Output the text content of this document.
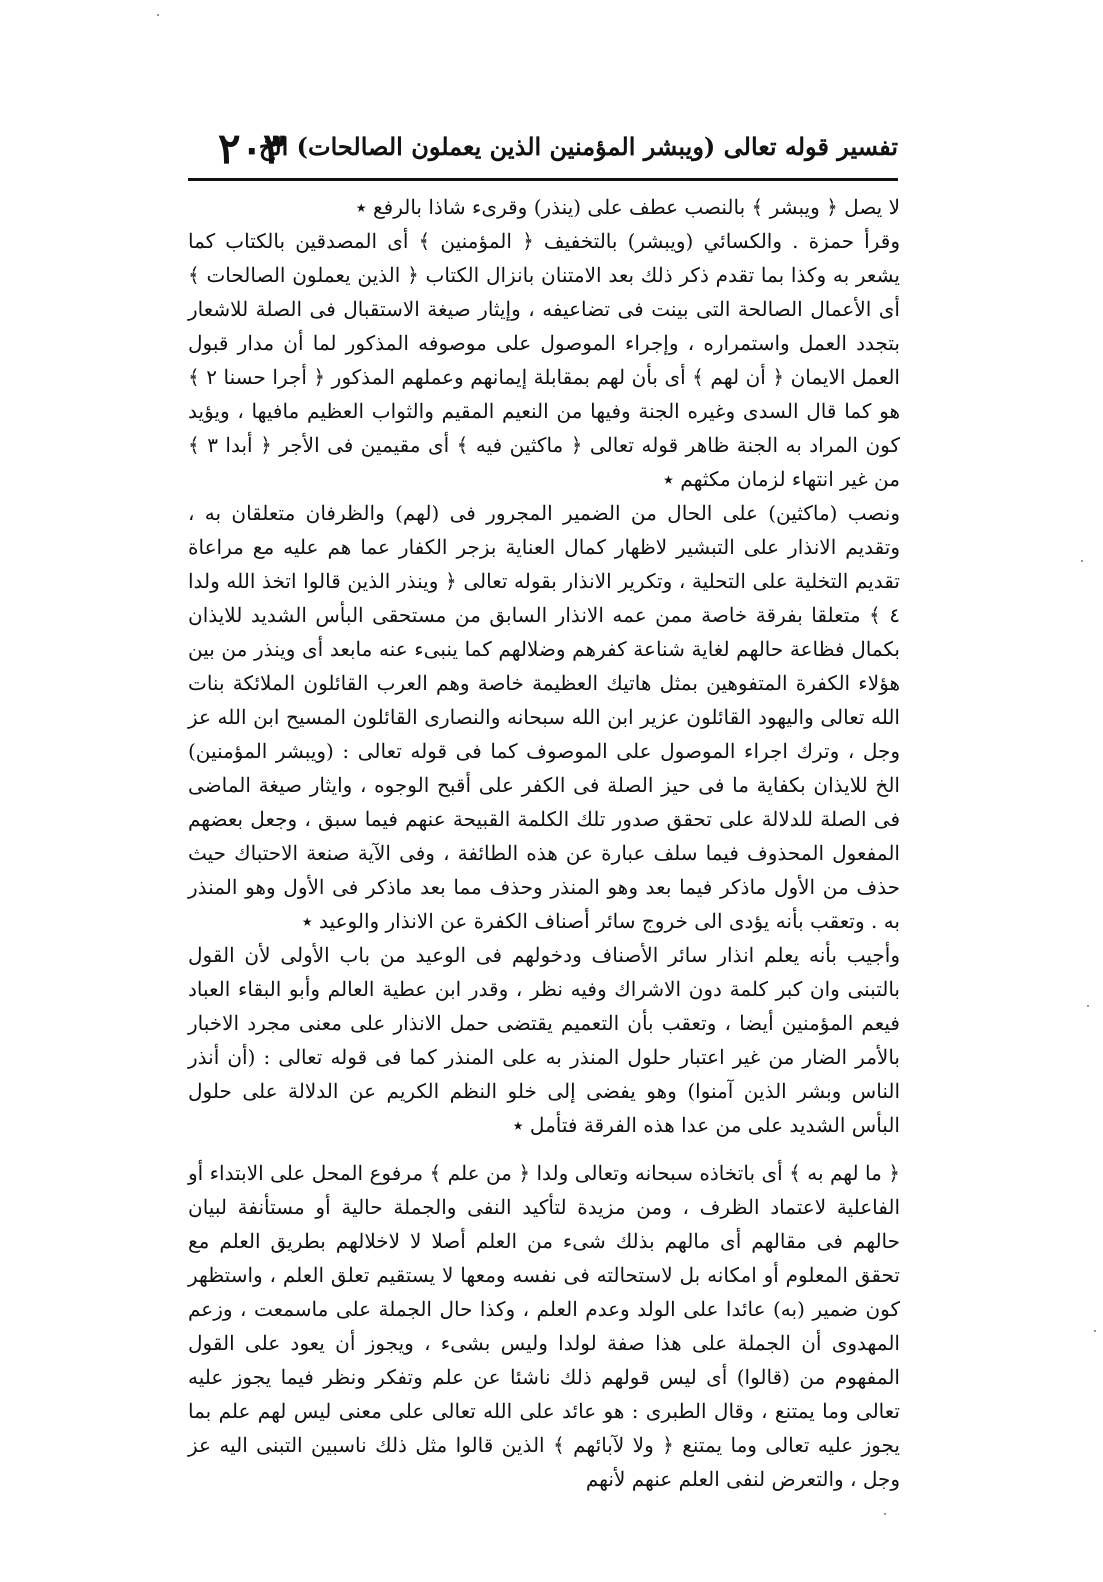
تفسير قوله تعالى (ويبشر المؤمنين الذين يعملون الصالحات) الخ
٢٠٣

لا يصل ﴿ ويبشر ﴾ بالنصب عطف على (ينذر) وقرىء شاذا بالرفع ٭

وقرأ حمزة . والكسائي (ويبشر) بالتخفيف ﴿ المؤمنين ﴾ أى المصدقين بالكتاب كما يشعر به وكذا بما تقدم ذكر ذلك بعد الامتنان بانزال الكتاب ﴿ الذين يعملون الصالحات ﴾ أى الأعمال الصالحة التى بينت فى تضاعيفه ، وإيثار صيغة الاستقبال فى الصلة للاشعار بتجدد العمل واستمراره ، وإجراء الموصول على موصوفه المذكور لما أن مدار قبول العمل الايمان ﴿ أن لهم ﴾ أى بأن لهم بمقابلة إيمانهم وعملهم المذكور ﴿ أجرا حسنا ٢ ﴾ هو كما قال السدى وغيره الجنة وفيها من النعيم المقيم والثواب العظيم مافيها ، ويؤيد كون المراد به الجنة ظاهر قوله تعالى ﴿ ماكثين فيه ﴾ أى مقيمين فى الأجر ﴿ أبدا ٣ ﴾ من غير انتهاء لزمان مكثهم ٭

ونصب (ماكثين) على الحال من الضمير المجرور فى (لهم) والظرفان متعلقان به ، وتقديم الانذار على التبشير لاظهار كمال العناية بزجر الكفار عما هم عليه مع مراعاة تقديم التخلية على التحلية ، وتكرير الانذار بقوله تعالى ﴿ وينذر الذين قالوا اتخذ الله ولدا ٤ ﴾ متعلقا بفرقة خاصة ممن عمه الانذار السابق من مستحقى البأس الشديد للايذان بكمال فظاعة حالهم لغاية شناعة كفرهم وضلالهم كما ينبىء عنه مابعد أى وينذر من بين هؤلاء الكفرة المتفوهين بمثل هاتيك العظيمة خاصة وهم العرب القائلون الملائكة بنات الله تعالى واليهود القائلون عزير ابن الله سبحانه والنصارى القائلون المسيح ابن الله عز وجل ، وترك اجراء الموصول على الموصوف كما فى قوله تعالى : (ويبشر المؤمنين) الخ للايذان بكفاية ما فى حيز الصلة فى الكفر على أقبح الوجوه ، وايثار صيغة الماضى فى الصلة للدلالة على تحقق صدور تلك الكلمة القبيحة عنهم فيما سبق ، وجعل بعضهم المفعول المحذوف فيما سلف عبارة عن هذه الطائفة ، وفى الآية صنعة الاحتباك حيث حذف من الأول ماذكر فيما بعد وهو المنذر وحذف مما بعد ماذكر فى الأول وهو المنذر به . وتعقب بأنه يؤدى الى خروج سائر أصناف الكفرة عن الانذار والوعيد ٭

وأجيب بأنه يعلم انذار سائر الأصناف ودخولهم فى الوعيد من باب الأولى لأن القول بالتبنى وان كبر كلمة دون الاشراك وفيه نظر ، وقدر ابن عطية العالم وأبو البقاء العباد فيعم المؤمنين أيضا ، وتعقب بأن التعميم يقتضى حمل الانذار على معنى مجرد الاخبار بالأمر الضار من غير اعتبار حلول المنذر به على المنذر كما فى قوله تعالى : (أن أنذر الناس وبشر الذين آمنوا) وهو يفضى إلى خلو النظم الكريم عن الدلالة على حلول البأس الشديد على من عدا هذه الفرقة فتأمل ٭

﴿ ما لهم به ﴾ أى باتخاذه سبحانه وتعالى ولدا ﴿ من علم ﴾ مرفوع المحل على الابتداء أو الفاعلية لاعتماد الظرف ، ومن مزيدة لتأكيد النفى والجملة حالية أو مستأنفة لبيان حالهم فى مقالهم أى مالهم بذلك شىء من العلم أصلا لا لاخلالهم بطريق العلم مع تحقق المعلوم أو امكانه بل لاستحالته فى نفسه ومعها لا يستقيم تعلق العلم ، واستظهر كون ضمير (به) عائدا على الولد وعدم العلم ، وكذا حال الجملة على ماسمعت ، وزعم المهدوى أن الجملة على هذا صفة لولدا وليس بشىء ، ويجوز أن يعود على القول المفهوم من (قالوا) أى ليس قولهم ذلك ناشئا عن علم وتفكر ونظر فيما يجوز عليه تعالى وما يمتنع ، وقال الطبرى : هو عائد على الله تعالى على معنى ليس لهم علم بما يجوز عليه تعالى وما يمتنع ﴿ ولا لآبائهم ﴾ الذين قالوا مثل ذلك ناسبين التبنى اليه عز وجل ، والتعرض لنفى العلم عنهم لأنهم
